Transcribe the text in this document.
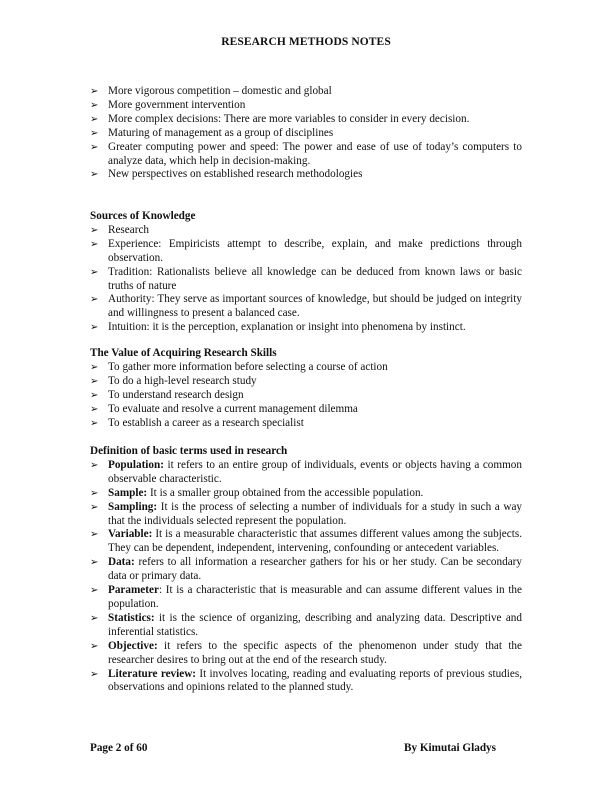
RESEARCH METHODS NOTES
➢ More vigorous competition – domestic and global
➢ More government intervention
➢ More complex decisions: There are more variables to consider in every decision.
➢ Maturing of management as a group of disciplines
➢ Greater computing power and speed: The power and ease of use of today’s computers to analyze data, which help in decision-making.
➢ New perspectives on established research methodologies
Sources of Knowledge
➢ Research
➢ Experience: Empiricists attempt to describe, explain, and make predictions through observation.
➢ Tradition: Rationalists believe all knowledge can be deduced from known laws or basic truths of nature
➢ Authority: They serve as important sources of knowledge, but should be judged on integrity and willingness to present a balanced case.
➢ Intuition: it is the perception, explanation or insight into phenomena by instinct.
The Value of Acquiring Research Skills
➢ To gather more information before selecting a course of action
➢ To do a high-level research study
➢ To understand research design
➢ To evaluate and resolve a current management dilemma
➢ To establish a career as a research specialist
Definition of basic terms used in research
➢ Population: it refers to an entire group of individuals, events or objects having a common observable characteristic.
➢ Sample: It is a smaller group obtained from the accessible population.
➢ Sampling: It is the process of selecting a number of individuals for a study in such a way that the individuals selected represent the population.
➢ Variable: It is a measurable characteristic that assumes different values among the subjects. They can be dependent, independent, intervening, confounding or antecedent variables.
➢ Data: refers to all information a researcher gathers for his or her study. Can be secondary data or primary data.
➢ Parameter: It is a characteristic that is measurable and can assume different values in the population.
➢ Statistics: it is the science of organizing, describing and analyzing data. Descriptive and inferential statistics.
➢ Objective: it refers to the specific aspects of the phenomenon under study that the researcher desires to bring out at the end of the research study.
➢ Literature review: It involves locating, reading and evaluating reports of previous studies, observations and opinions related to the planned study.
Page 2 of 60	By Kimutai Gladys
